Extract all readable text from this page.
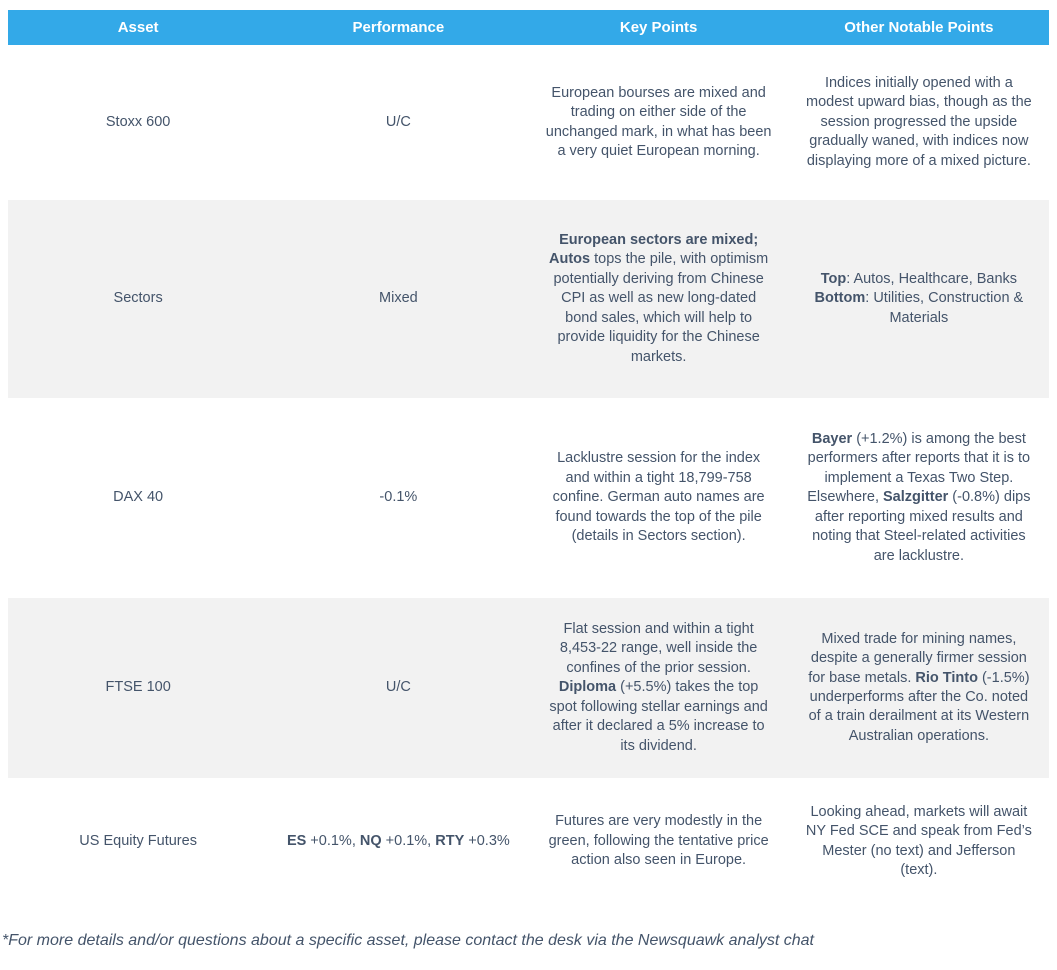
Asset	Performance	Key Points	Other Notable Points
Stoxx 600	U/C	European bourses are mixed and trading on either side of the unchanged mark, in what has been a very quiet European morning.	Indices initially opened with a modest upward bias, though as the session progressed the upside gradually waned, with indices now displaying more of a mixed picture.
Sectors	Mixed	European sectors are mixed; Autos tops the pile, with optimism potentially deriving from Chinese CPI as well as new long-dated bond sales, which will help to provide liquidity for the Chinese markets.	Top: Autos, Healthcare, Banks Bottom: Utilities, Construction & Materials
DAX 40	-0.1%	Lacklustre session for the index and within a tight 18,799-758 confine. German auto names are found towards the top of the pile (details in Sectors section).	Bayer (+1.2%) is among the best performers after reports that it is to implement a Texas Two Step. Elsewhere, Salzgitter (-0.8%) dips after reporting mixed results and noting that Steel-related activities are lacklustre.
FTSE 100	U/C	Flat session and within a tight 8,453-22 range, well inside the confines of the prior session. Diploma (+5.5%) takes the top spot following stellar earnings and after it declared a 5% increase to its dividend.	Mixed trade for mining names, despite a generally firmer session for base metals. Rio Tinto (-1.5%) underperforms after the Co. noted of a train derailment at its Western Australian operations.
US Equity Futures	ES +0.1%, NQ +0.1%, RTY +0.3%	Futures are very modestly in the green, following the tentative price action also seen in Europe.	Looking ahead, markets will await NY Fed SCE and speak from Fed’s Mester (no text) and Jefferson (text).

*For more details and/or questions about a specific asset, please contact the desk via the Newsquawk analyst chat
